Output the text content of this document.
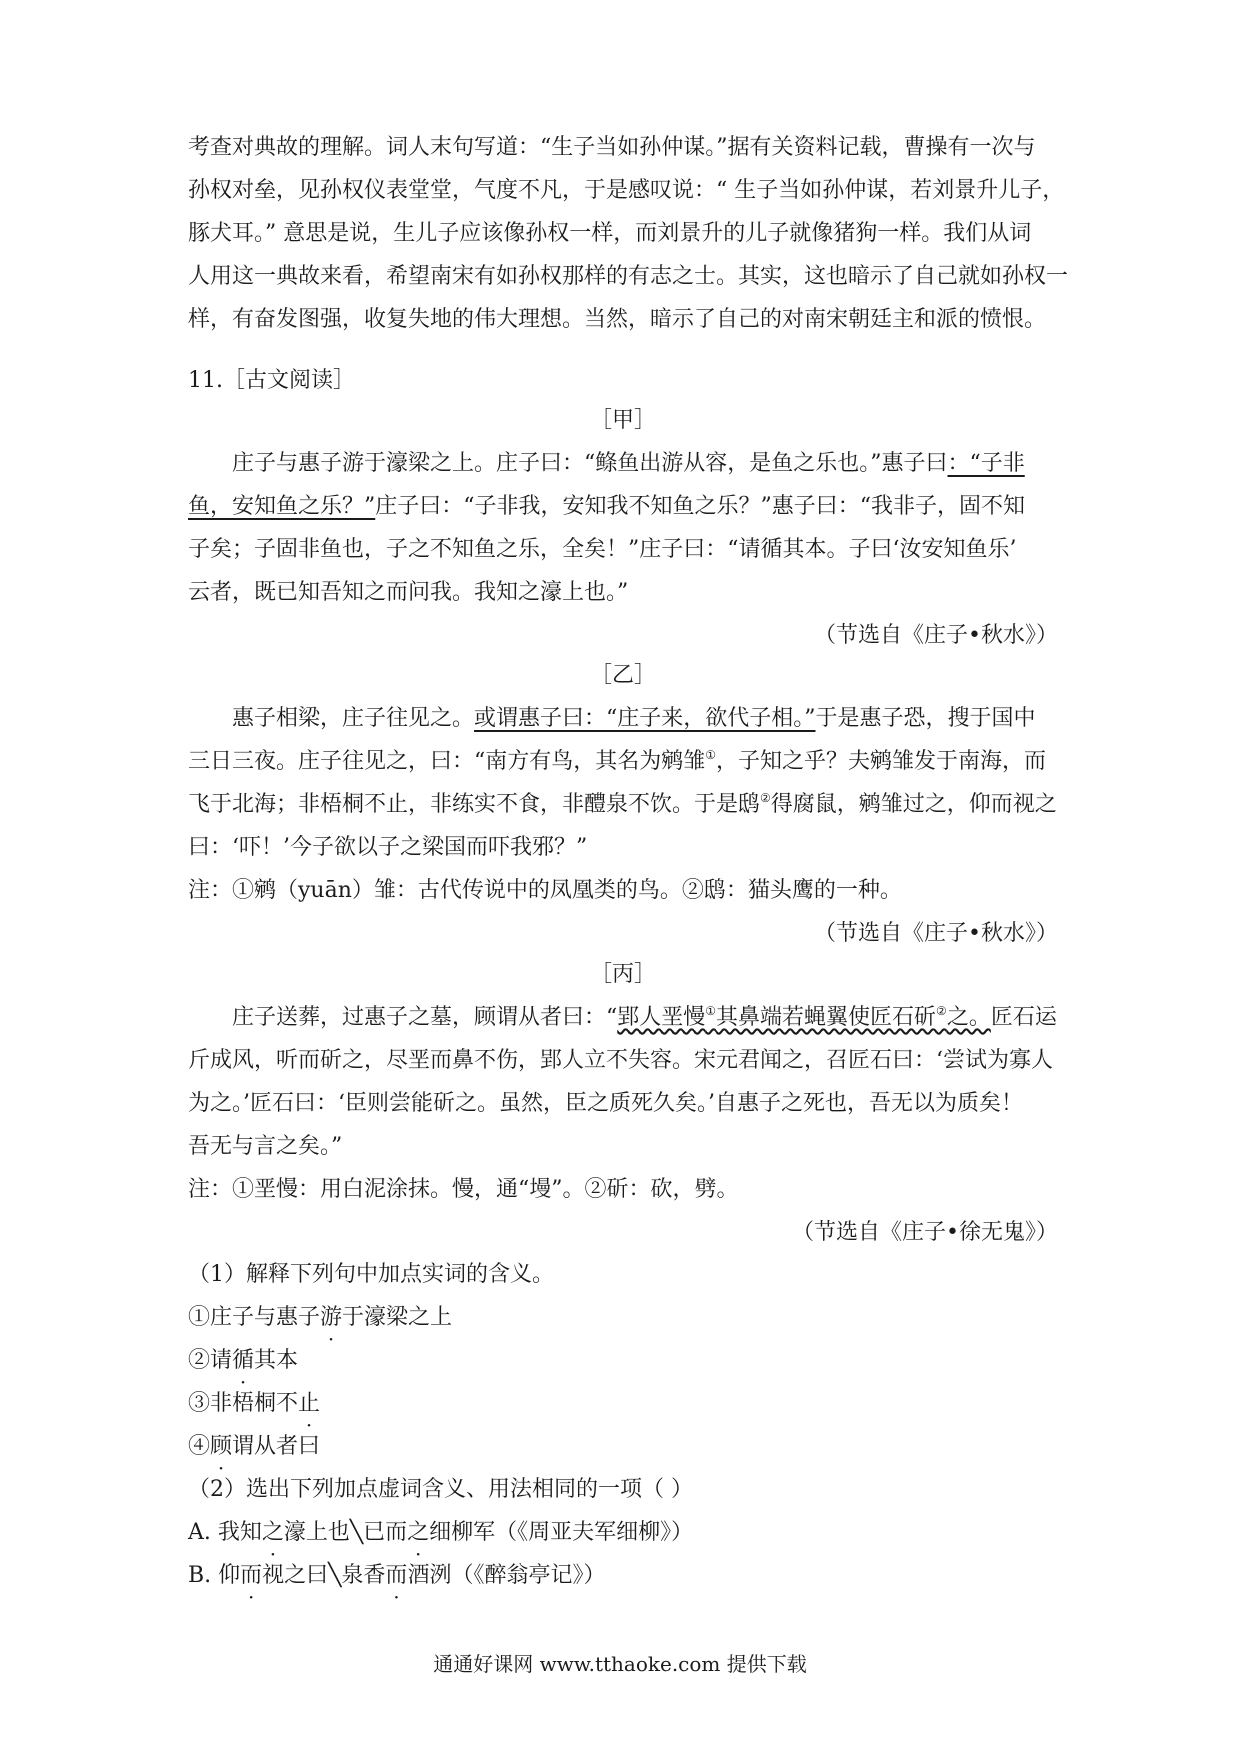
考查对典故的理解。词人末句写道：“生子当如孙仲谋。”据有关资料记载，曹操有一次与
孙权对垒，见孙权仪表堂堂，气度不凡，于是感叹说：“ 生子当如孙仲谋，若刘景升儿子，
豚犬耳。” 意思是说，生儿子应该像孙权一样，而刘景升的儿子就像猪狗一样。我们从词
人用这一典故来看，希望南宋有如孙权那样的有志之士。其实，这也暗示了自己就如孙权一
样，有奋发图强，收复失地的伟大理想。当然，暗示了自己的对南宋朝廷主和派的愤恨。
11.［古文阅读］
［甲］
庄子与惠子游于濠梁之上。庄子曰：“鲦鱼出游从容，是鱼之乐也。”惠子曰：“子非
鱼，安知鱼之乐？”庄子曰：“子非我，安知我不知鱼之乐？”惠子曰：“我非子，固不知
子矣；子固非鱼也，子之不知鱼之乐，全矣！”庄子曰：“请循其本。子曰‘汝安知鱼乐’
云者，既已知吾知之而问我。我知之濠上也。”
（节选自《庄子•秋水》）
［乙］
惠子相梁，庄子往见之。或谓惠子曰：“庄子来，欲代子相。”于是惠子恐，搜于国中
三日三夜。庄子往见之，曰：“南方有鸟，其名为鹓雏①，子知之乎？夫鹓雏发于南海，而
飞于北海；非梧桐不止，非练实不食，非醴泉不饮。于是鸱②得腐鼠，鹓雏过之，仰而视之
曰：‘吓！’今子欲以子之梁国而吓我邪？”
注：①鹓（yuān）雏：古代传说中的凤凰类的鸟。②鸱：猫头鹰的一种。
（节选自《庄子•秋水》）
［丙］
庄子送葬，过惠子之墓，顾谓从者曰：“郢人垩慢①其鼻端若蝇翼使匠石斫②之。匠石运
斤成风，听而斫之，尽垩而鼻不伤，郢人立不失容。宋元君闻之，召匠石曰：‘尝试为寡人
为之。’匠石曰：‘臣则尝能斫之。虽然，臣之质死久矣。’自惠子之死也，吾无以为质矣！
吾无与言之矣。”
注：①垩慢：用白泥涂抹。慢，通“墁”。②斫：砍，劈。
（节选自《庄子•徐无鬼》）
（1）解释下列句中加点实词的含义。
①庄子与惠子游于濠梁之上
②请循其本
③非梧桐不止
④顾谓从者曰
（2）选出下列加点虚词含义、用法相同的一项（ ）
A. 我知之濠上也╲已而之细柳军（《周亚夫军细柳》）
B. 仰而视之曰╲泉香而酒洌（《醉翁亭记》）
通通好课网 www.tthaoke.com 提供下载
